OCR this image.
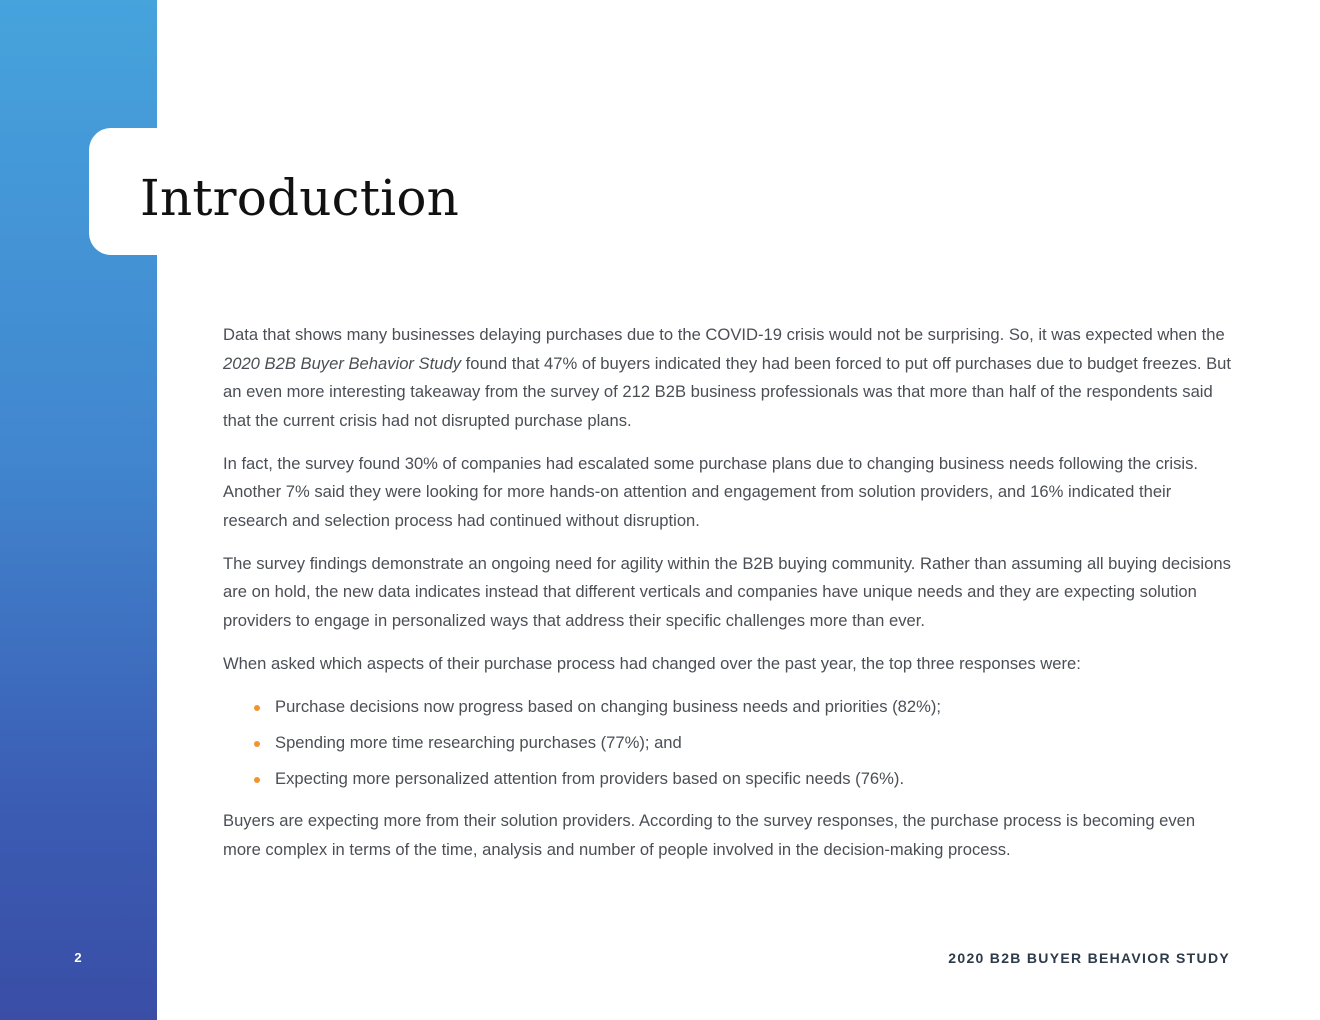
Introduction

Data that shows many businesses delaying purchases due to the COVID-19 crisis would not be surprising. So, it was expected when the 2020 B2B Buyer Behavior Study found that 47% of buyers indicated they had been forced to put off purchases due to budget freezes. But an even more interesting takeaway from the survey of 212 B2B business professionals was that more than half of the respondents said that the current crisis had not disrupted purchase plans.

In fact, the survey found 30% of companies had escalated some purchase plans due to changing business needs following the crisis. Another 7% said they were looking for more hands-on attention and engagement from solution providers, and 16% indicated their research and selection process had continued without disruption.

The survey findings demonstrate an ongoing need for agility within the B2B buying community. Rather than assuming all buying decisions are on hold, the new data indicates instead that different verticals and companies have unique needs and they are expecting solution providers to engage in personalized ways that address their specific challenges more than ever.

When asked which aspects of their purchase process had changed over the past year, the top three responses were:

Purchase decisions now progress based on changing business needs and priorities (82%);
Spending more time researching purchases (77%); and
Expecting more personalized attention from providers based on specific needs (76%).

Buyers are expecting more from their solution providers. According to the survey responses, the purchase process is becoming even more complex in terms of the time, analysis and number of people involved in the decision-making process.

2	2020 B2B BUYER BEHAVIOR STUDY
